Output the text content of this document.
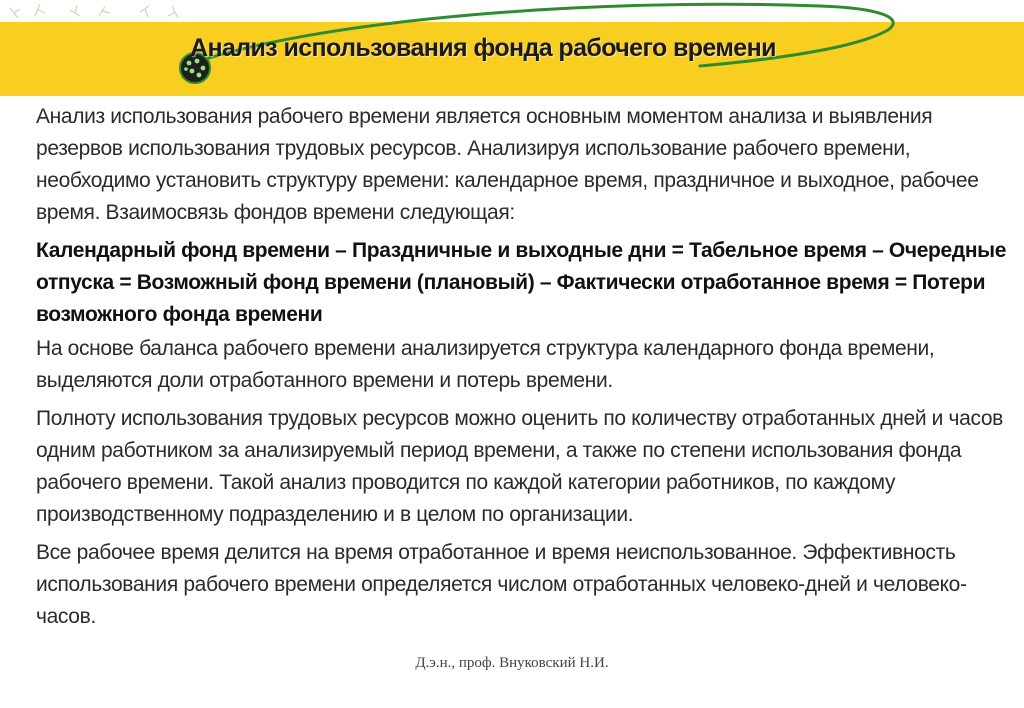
Анализ использования фонда рабочего времени

Анализ использования рабочего времени является основным моментом анализа и выявления резервов использования трудовых ресурсов. Анализируя использование рабочего времени, необходимо установить структуру времени: календарное время, праздничное и выходное, рабочее время. Взаимосвязь фондов времени следующая:

Календарный фонд времени – Праздничные и выходные дни = Табельное время – Очередные отпуска = Возможный фонд времени (плановый) – Фактически отработанное время = Потери возможного фонда времени

На основе баланса рабочего времени анализируется структура календарного фонда времени, выделяются доли отработанного времени и потерь времени.

Полноту использования трудовых ресурсов можно оценить по количеству отработанных дней и часов одним работником за анализируемый период времени, а также по степени использования фонда рабочего времени. Такой анализ проводится по каждой категории работников, по каждому производственному подразделению и в целом по организации.

Все рабочее время делится на время отработанное и время неиспользованное. Эффективность использования рабочего времени определяется числом отработанных человеко-дней и человеко-часов.

Д.э.н., проф. Внуковский Н.И.
